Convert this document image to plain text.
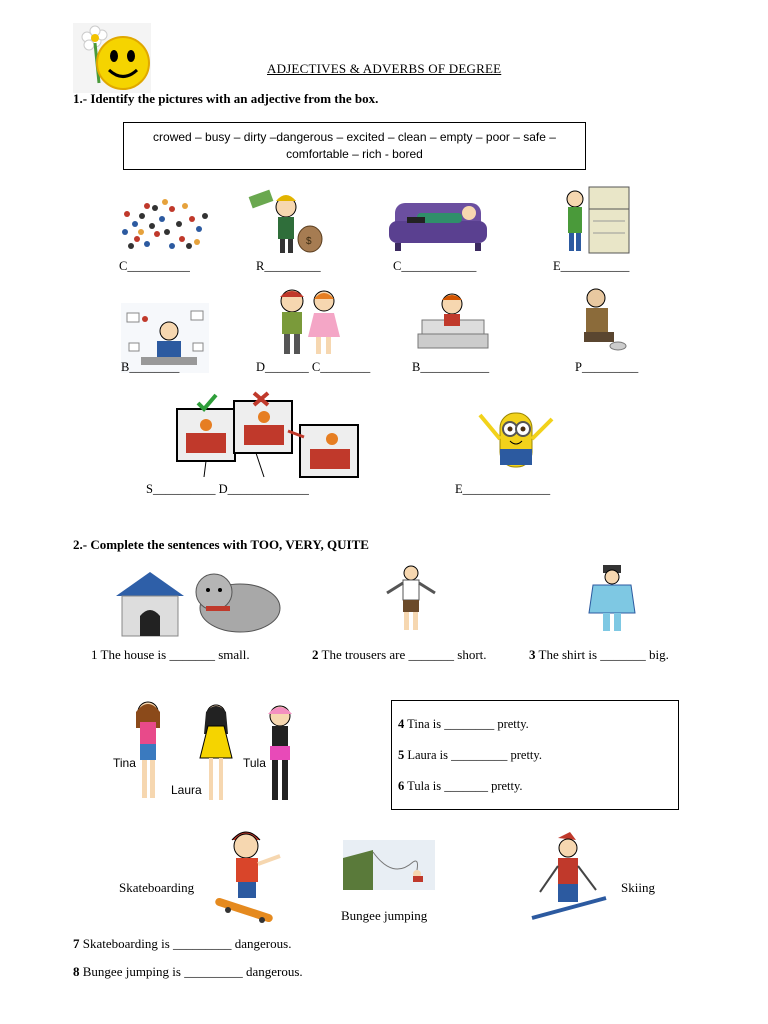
ADJECTIVES & ADVERBS OF DEGREE
1.- Identify the pictures with an adjective from the box.
crowed – busy – dirty –dangerous – excited – clean – empty – poor – safe –
comfortable – rich - bored
$
C__________	R_________	C____________	E___________
B________	D_______ C________	B___________	P_________
S__________ D_____________	E______________
2.- Complete the sentences with TOO, VERY, QUITE
1 The house is _______ small.	2 The trousers are _______ short.	3 The shirt is _______ big.
Tina
Laura
Tula
4 Tina is ________ pretty.
5 Laura is _________ pretty.
6 Tula is _______ pretty.
Skateboarding
Bungee jumping
Skiing
7 Skateboarding is _________ dangerous.
8 Bungee jumping is _________ dangerous.
